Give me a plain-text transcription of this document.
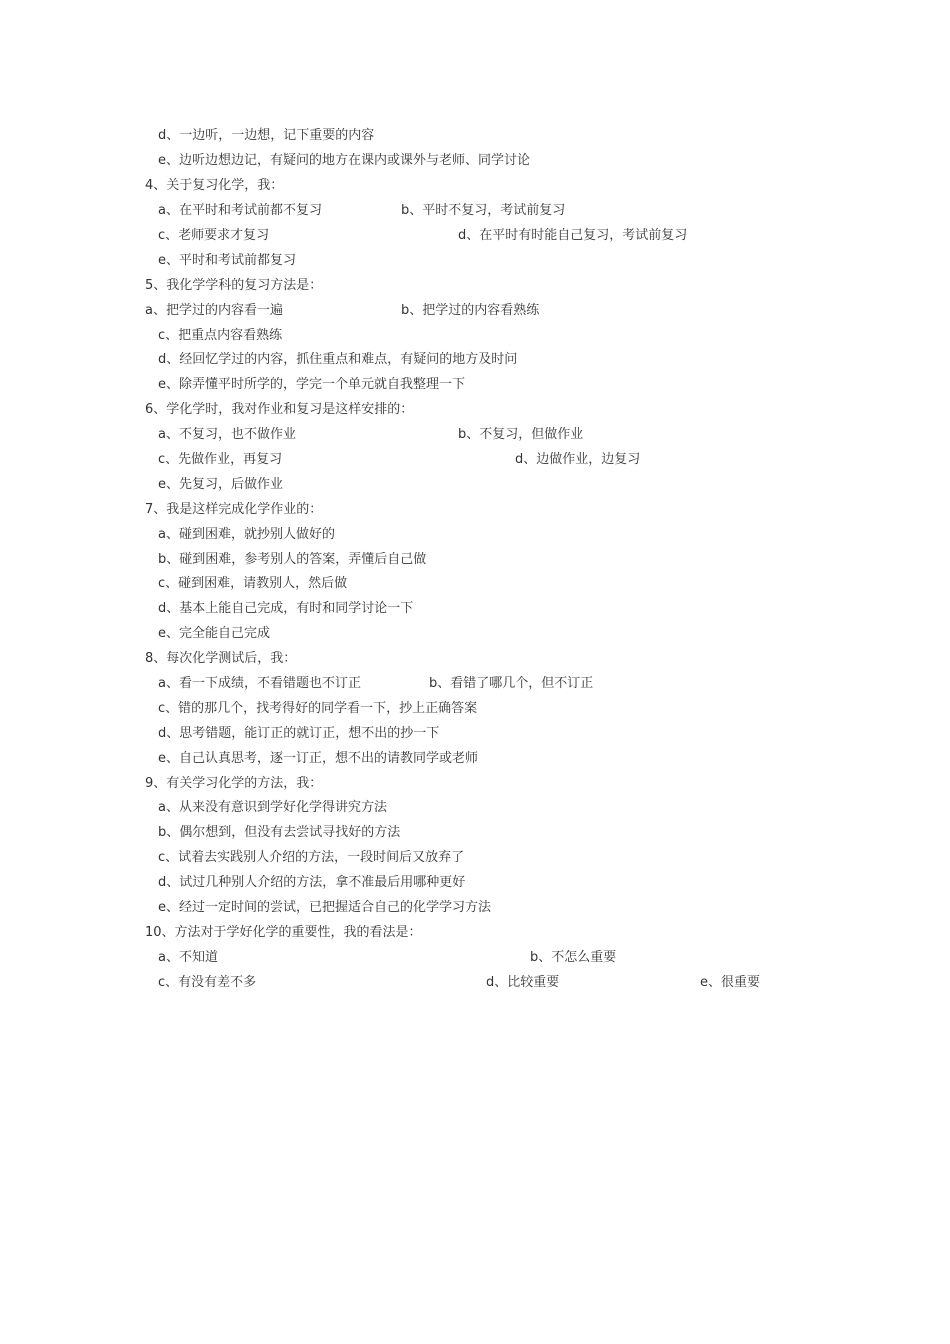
d、一边听，一边想，记下重要的内容
e、边听边想边记，有疑问的地方在课内或课外与老师、同学讨论
4、关于复习化学，我：
a、在平时和考试前都不复习	b、平时不复习，考试前复习
c、老师要求才复习	d、在平时有时能自己复习，考试前复习
e、平时和考试前都复习
5、我化学学科的复习方法是：
a、把学过的内容看一遍	b、把学过的内容看熟练
c、把重点内容看熟练
d、经回忆学过的内容，抓住重点和难点，有疑问的地方及时问
e、除弄懂平时所学的，学完一个单元就自我整理一下
6、学化学时，我对作业和复习是这样安排的：
a、不复习，也不做作业	b、不复习，但做作业
c、先做作业，再复习	d、边做作业，边复习
e、先复习，后做作业
7、我是这样完成化学作业的：
a、碰到困难，就抄别人做好的
b、碰到困难，参考别人的答案，弄懂后自己做
c、碰到困难，请教别人，然后做
d、基本上能自己完成，有时和同学讨论一下
e、完全能自己完成
8、每次化学测试后，我：
a、看一下成绩，不看错题也不订正	b、看错了哪几个，但不订正
c、错的那几个，找考得好的同学看一下，抄上正确答案
d、思考错题，能订正的就订正，想不出的抄一下
e、自己认真思考，逐一订正，想不出的请教同学或老师
9、有关学习化学的方法，我：
a、从来没有意识到学好化学得讲究方法
b、偶尔想到，但没有去尝试寻找好的方法
c、试着去实践别人介绍的方法，一段时间后又放弃了
d、试过几种别人介绍的方法，拿不准最后用哪种更好
e、经过一定时间的尝试，已把握适合自己的化学学习方法
10、方法对于学好化学的重要性，我的看法是：
a、不知道	b、不怎么重要
c、有没有差不多	d、比较重要	e、很重要
